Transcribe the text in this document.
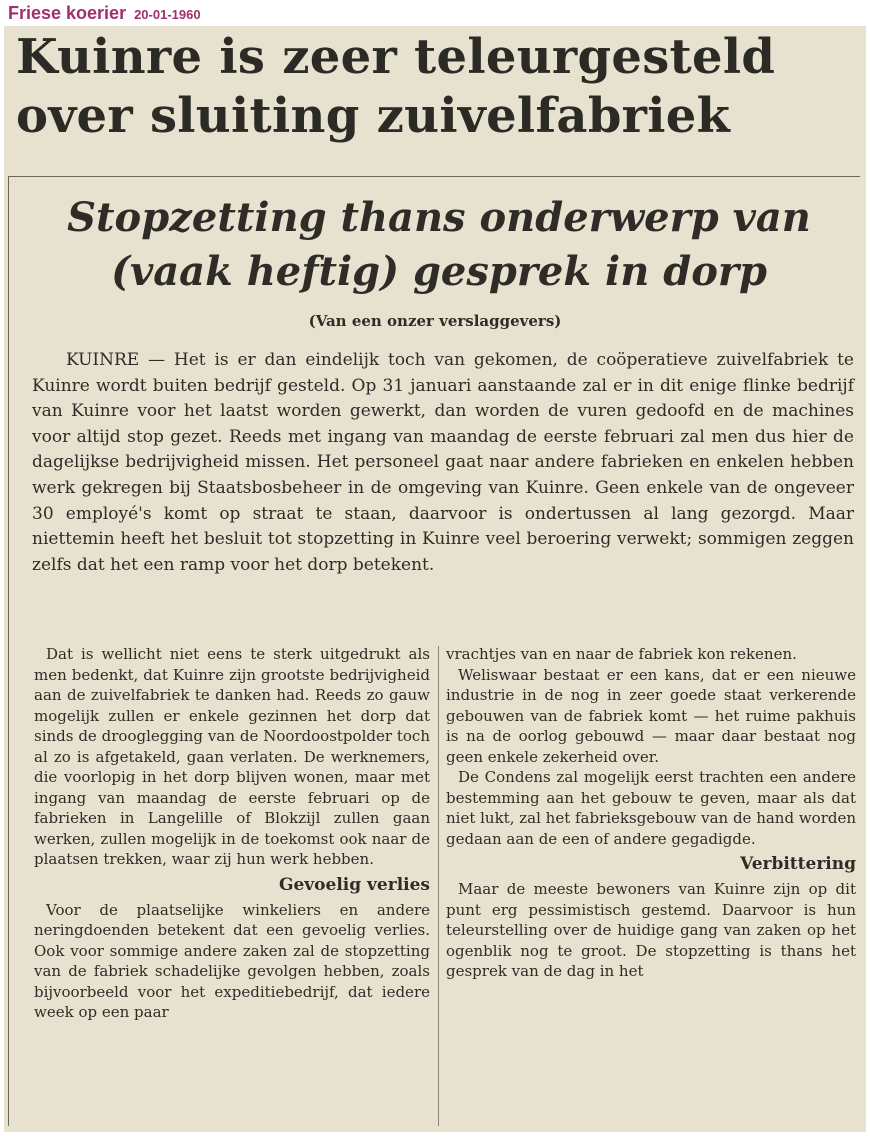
Friese koerier 20-01-1960
Kuinre is zeer teleurgesteld over sluiting zuivelfabriek
Stopzetting thans onderwerp van (vaak heftig) gesprek in dorp

(Van een onzer verslaggevers)

KUINRE — Het is er dan eindelijk toch van gekomen, de coöperatieve zuivelfabriek te Kuinre wordt buiten bedrijf gesteld. Op 31 januari aanstaande zal er in dit enige flinke bedrijf van Kuinre voor het laatst worden gewerkt, dan worden de vuren gedoofd en de machines voor altijd stop gezet. Reeds met ingang van maandag de eerste februari zal men dus hier de dagelijkse bedrijvigheid missen. Het personeel gaat naar andere fabrieken en enkelen hebben werk gekregen bij Staatsbosbeheer in de omgeving van Kuinre. Geen enkele van de ongeveer 30 employé's komt op straat te staan, daarvoor is ondertussen al lang gezorgd. Maar niettemin heeft het besluit tot stopzetting in Kuinre veel beroering verwekt; sommigen zeggen zelfs dat het een ramp voor het dorp betekent.

Dat is wellicht niet eens te sterk uitgedrukt als men bedenkt, dat Kuinre zijn grootste bedrijvigheid aan de zuivelfabriek te danken had. Reeds zo gauw mogelijk zullen er enkele gezinnen het dorp dat sinds de drooglegging van de Noordoostpolder toch al zo is afgetakeld, gaan verlaten. De werknemers, die voorlopig in het dorp blijven wonen, maar met ingang van maandag de eerste februari op de fabrieken in Langelille of Blokzijl zullen gaan werken, zullen mogelijk in de toekomst ook naar de plaatsen trekken, waar zij hun werk hebben.

Gevoelig verlies

Voor de plaatselijke winkeliers en andere neringdoenden betekent dat een gevoelig verlies. Ook voor sommige andere zaken zal de stopzetting van de fabriek schadelijke gevolgen hebben, zoals bijvoorbeeld voor het expeditiebedrijf, dat iedere week op een paar

vrachtjes van en naar de fabriek kon rekenen.

Weliswaar bestaat er een kans, dat er een nieuwe industrie in de nog in zeer goede staat verkerende gebouwen van de fabriek komt — het ruime pakhuis is na de oorlog gebouwd — maar daar bestaat nog geen enkele zekerheid over.

De Condens zal mogelijk eerst trachten een andere bestemming aan het gebouw te geven, maar als dat niet lukt, zal het fabrieksgebouw van de hand worden gedaan aan de een of andere gegadigde.

Verbittering

Maar de meeste bewoners van Kuinre zijn op dit punt erg pessimistisch gestemd. Daarvoor is hun teleurstelling over de huidige gang van zaken op het ogenblik nog te groot. De stopzetting is thans het gesprek van de dag in het
